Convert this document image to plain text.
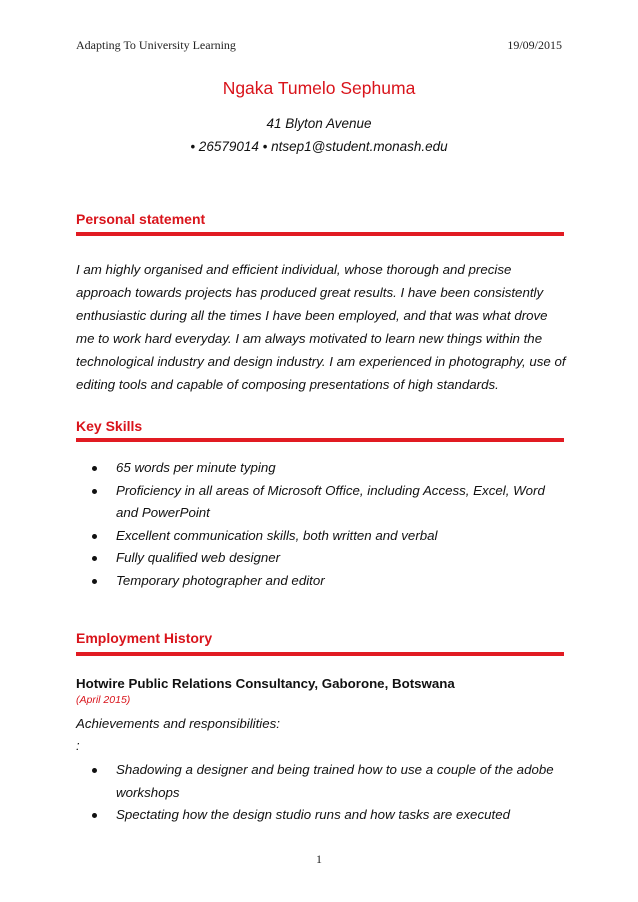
Adapting To University Learning	19/09/2015
Ngaka Tumelo Sephuma
41 Blyton Avenue
• 26579014 • ntsep1@student.monash.edu
Personal statement

I am highly organised and efficient individual, whose thorough and precise approach towards projects has produced great results. I have been consistently enthusiastic during all the times I have been employed, and that was what drove me to work hard everyday. I am always motivated to learn new things within the technological industry and design industry. I am experienced in photography, use of editing tools and capable of composing presentations of high standards.

Key Skills
65 words per minute typing
Proficiency in all areas of Microsoft Office, including Access, Excel, Word and PowerPoint
Excellent communication skills, both written and verbal
Fully qualified web designer
Temporary photographer and editor
Employment History
Hotwire Public Relations Consultancy, Gaborone, Botswana
(April 2015)
Achievements and responsibilities:
:
Shadowing a designer and being trained how to use a couple of the adobe workshops
Spectating how the design studio runs and how tasks are executed
1
